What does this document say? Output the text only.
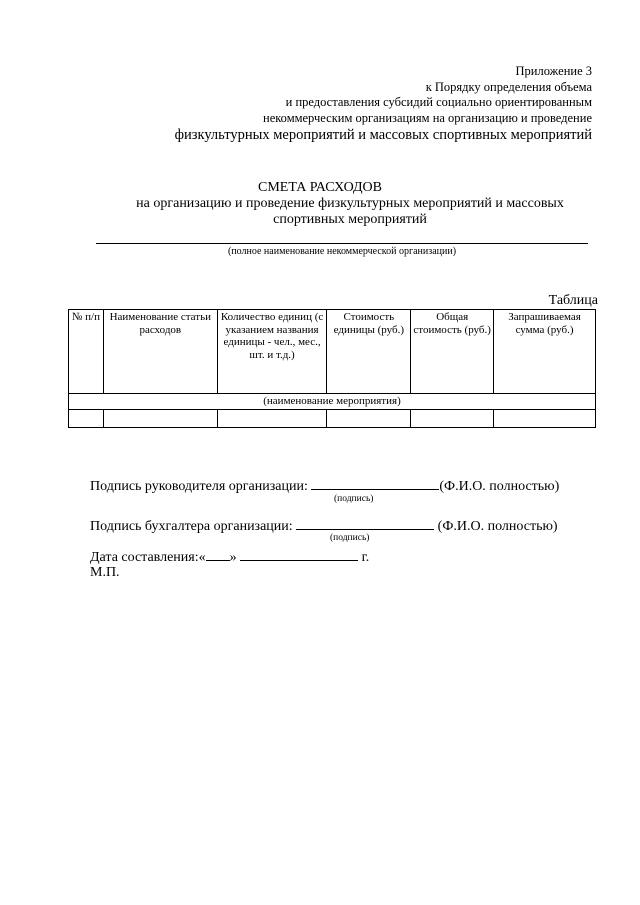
Приложение 3
к Порядку определения объема
и предоставления субсидий социально ориентированным
некоммерческим организациям на организацию и проведение
физкультурных мероприятий и массовых спортивных мероприятий
СМЕТА РАСХОДОВ
на организацию и проведение физкультурных мероприятий и массовых спортивных мероприятий
(полное наименование некоммерческой организации)
Таблица
№ п/п	Наименование статьи расходов	Количество единиц (с указанием названия единицы - чел., мес., шт. и т.д.)	Стоимость единицы (руб.)	Общая стоимость (руб.)	Запрашиваемая сумма (руб.)
(наименование мероприятия)					

Подпись руководителя организации:	(Ф.И.О. полностью)
(подпись)
Подпись бухгалтера организации:	(Ф.И.О. полностью)
(подпись)
Дата составления:« »	г.
М.П.
